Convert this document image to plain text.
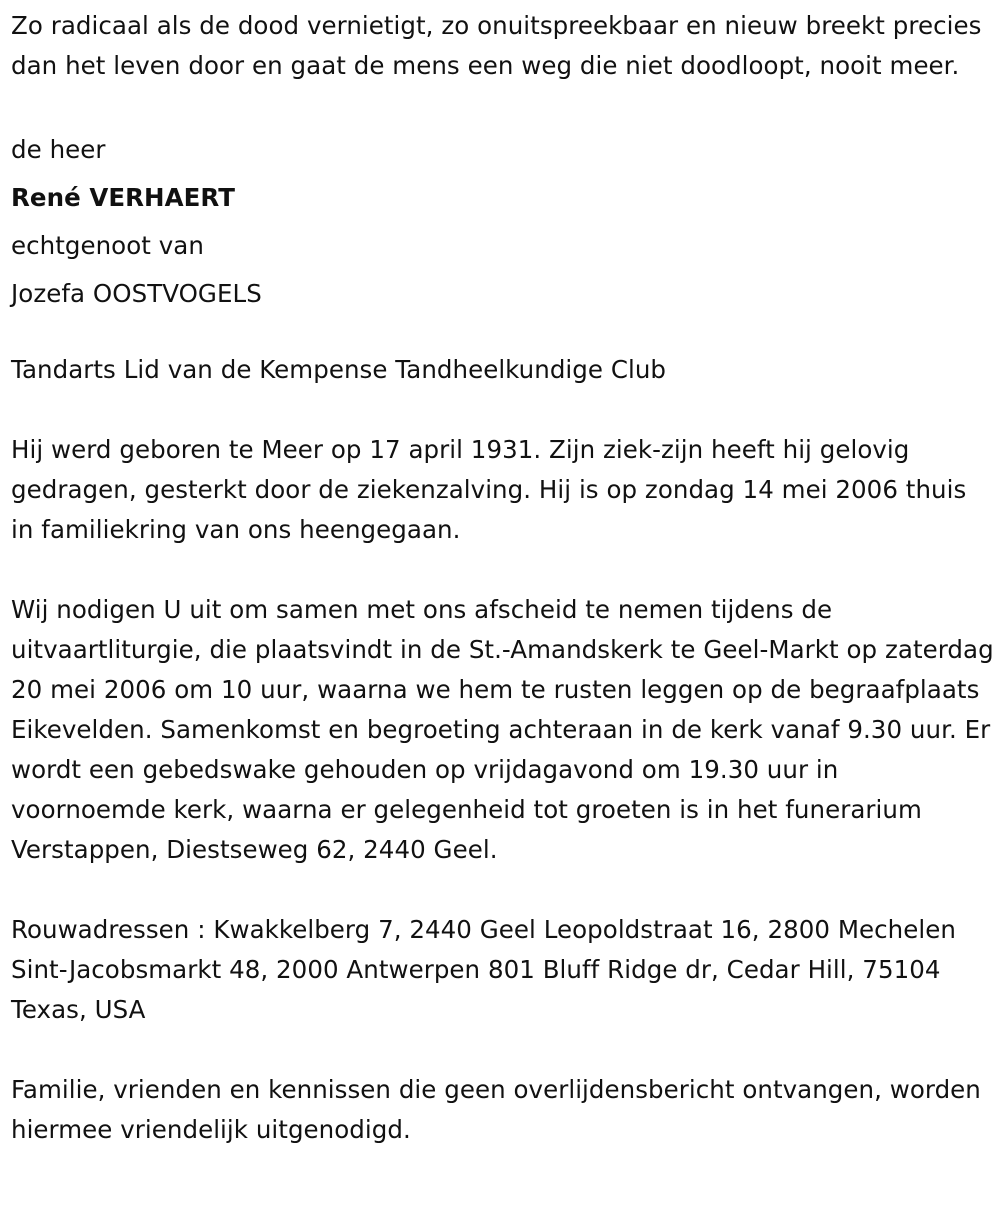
Zo radicaal als de dood vernietigt, zo onuitspreekbaar en nieuw breekt precies dan het leven door en gaat de mens een weg die niet doodloopt, nooit meer.

de heer
René VERHAERT
echtgenoot van
Jozefa OOSTVOGELS

Tandarts Lid van de Kempense Tandheelkundige Club

Hij werd geboren te Meer op 17 april 1931. Zijn ziek-zijn heeft hij gelovig gedragen, gesterkt door de ziekenzalving. Hij is op zondag 14 mei 2006 thuis in familiekring van ons heengegaan.

Wij nodigen U uit om samen met ons afscheid te nemen tijdens de uitvaartliturgie, die plaatsvindt in de St.-Amandskerk te Geel-Markt op zaterdag 20 mei 2006 om 10 uur, waarna we hem te rusten leggen op de begraafplaats Eikevelden. Samenkomst en begroeting achteraan in de kerk vanaf 9.30 uur. Er wordt een gebedswake gehouden op vrijdagavond om 19.30 uur in voornoemde kerk, waarna er gelegenheid tot groeten is in het funerarium Verstappen, Diestseweg 62, 2440 Geel.

Rouwadressen : Kwakkelberg 7, 2440 Geel Leopoldstraat 16, 2800 Mechelen Sint-Jacobsmarkt 48, 2000 Antwerpen 801 Bluff Ridge dr, Cedar Hill, 75104 Texas, USA

Familie, vrienden en kennissen die geen overlijdensbericht ontvangen, worden hiermee vriendelijk uitgenodigd.
